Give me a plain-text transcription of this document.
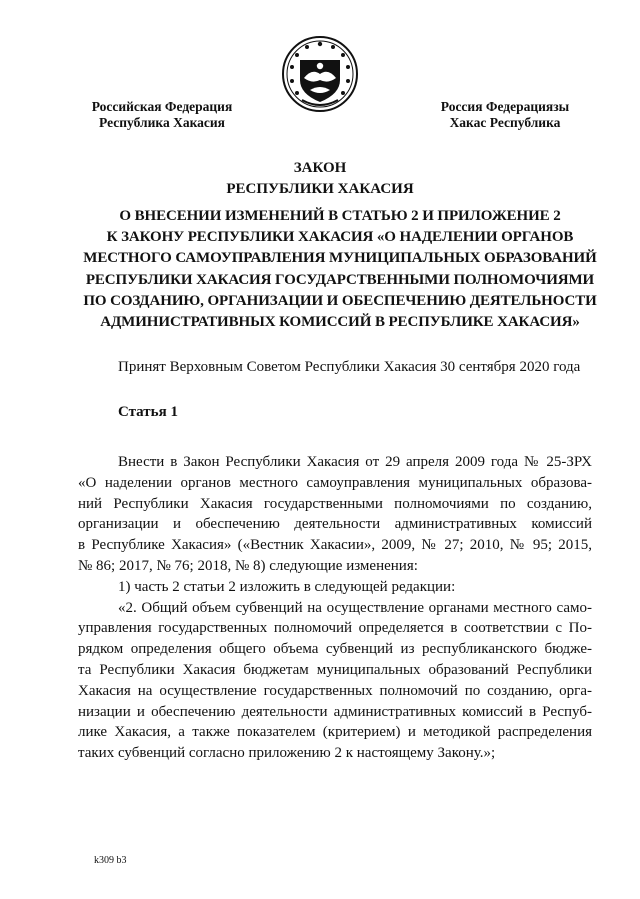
Российская Федерация
Республика Хакасия
Россия Федерациязы
Хакас Республика
ЗАКОН
РЕСПУБЛИКИ ХАКАСИЯ
О ВНЕСЕНИИ ИЗМЕНЕНИЙ В СТАТЬЮ 2 И ПРИЛОЖЕНИЕ 2
К ЗАКОНУ РЕСПУБЛИКИ ХАКАСИЯ «О НАДЕЛЕНИИ ОРГАНОВ
МЕСТНОГО САМОУПРАВЛЕНИЯ МУНИЦИПАЛЬНЫХ ОБРАЗОВАНИЙ
РЕСПУБЛИКИ ХАКАСИЯ ГОСУДАРСТВЕННЫМИ ПОЛНОМОЧИЯМИ
ПО СОЗДАНИЮ, ОРГАНИЗАЦИИ И ОБЕСПЕЧЕНИЮ ДЕЯТЕЛЬНОСТИ
АДМИНИСТРАТИВНЫХ КОМИССИЙ В РЕСПУБЛИКЕ ХАКАСИЯ»
Принят Верховным Советом Республики Хакасия 30 сентября 2020 года
Статья 1
Внести в Закон Республики Хакасия от 29 апреля 2009 года № 25-ЗРХ
«О наделении органов местного самоуправления муниципальных образова-
ний Республики Хакасия государственными полномочиями по созданию,
организации и обеспечению деятельности административных комиссий
в Республике Хакасия» («Вестник Хакасии», 2009, № 27; 2010, № 95; 2015,
№ 86; 2017, № 76; 2018, № 8) следующие изменения:
1) часть 2 статьи 2 изложить в следующей редакции:
«2. Общий объем субвенций на осуществление органами местного само-
управления государственных полномочий определяется в соответствии с По-
рядком определения общего объема субвенций из республиканского бюдже-
та Республики Хакасия бюджетам муниципальных образований Республики
Хакасия на осуществление государственных полномочий по созданию, орга-
низации и обеспечению деятельности административных комиссий в Респуб-
лике Хакасия, а также показателем (критерием) и методикой распределения
таких субвенций согласно приложению 2 к настоящему Закону.»;
k309 b3
